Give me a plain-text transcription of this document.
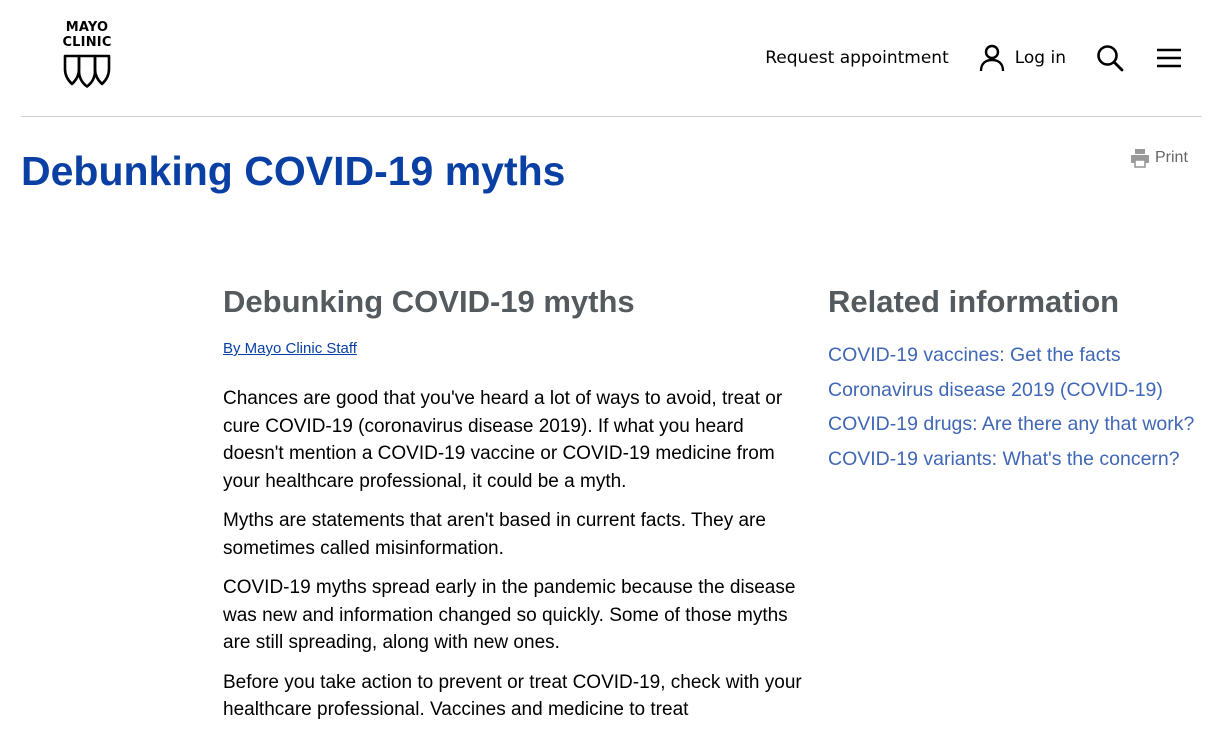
MAYO
CLINIC
Request appointment	Log in
Debunking COVID-19 myths	Print
Debunking COVID-19 myths
By Mayo Clinic Staff

Chances are good that you've heard a lot of ways to avoid, treat or cure COVID-19 (coronavirus disease 2019). If what you heard doesn't mention a COVID-19 vaccine or COVID-19 medicine from your healthcare professional, it could be a myth.

Myths are statements that aren't based in current facts. They are sometimes called misinformation.

COVID-19 myths spread early in the pandemic because the disease was new and information changed so quickly. Some of those myths are still spreading, along with new ones.

Before you take action to prevent or treat COVID-19, check with your healthcare professional. Vaccines and medicine to treat

Related information
COVID-19 vaccines: Get the facts
Coronavirus disease 2019 (COVID-19)
COVID-19 drugs: Are there any that work?
COVID-19 variants: What's the concern?
